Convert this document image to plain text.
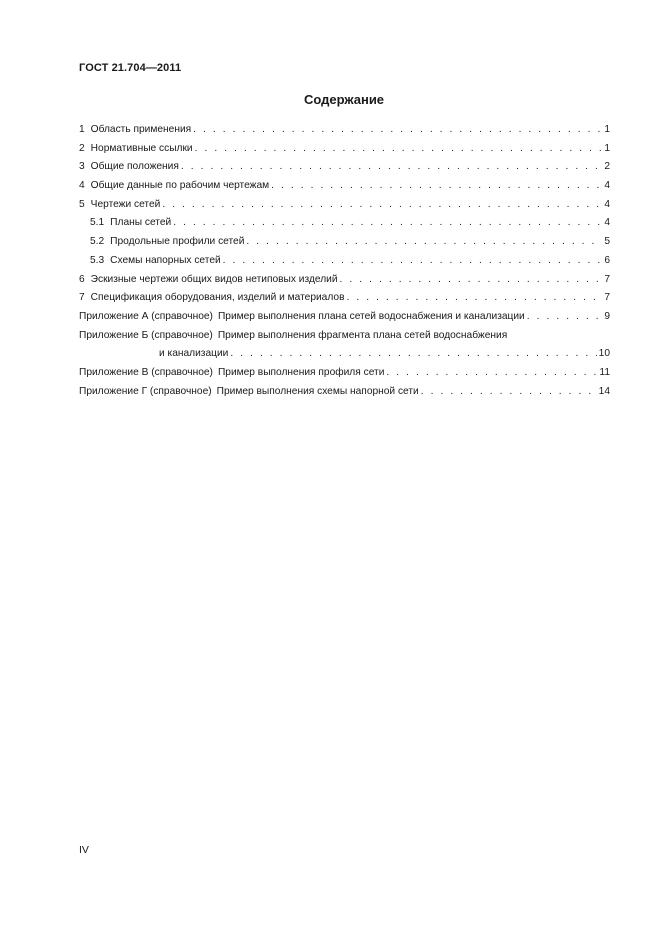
ГОСТ 21.704—2011
Содержание
1 Область применения . . .	1
2 Нормативные ссылки . . .	1
3 Общие положения . . .	2
4 Общие данные по рабочим чертежам . . .	4
5 Чертежи сетей . . .	4
5.1 Планы сетей . . .	4
5.2 Продольные профили сетей . . .	5
5.3 Схемы напорных сетей . . .	6
6 Эскизные чертежи общих видов нетиповых изделий . . .	7
7 Спецификация оборудования, изделий и материалов . . .	7
Приложение А (справочное) Пример выполнения плана сетей водоснабжения и канализации . . .	9
Приложение Б (справочное) Пример выполнения фрагмента плана сетей водоснабжения
и канализации . . .	10
Приложение В (справочное) Пример выполнения профиля сети . . .	11
Приложение Г (справочное) Пример выполнения схемы напорной сети . . .	14
IV
